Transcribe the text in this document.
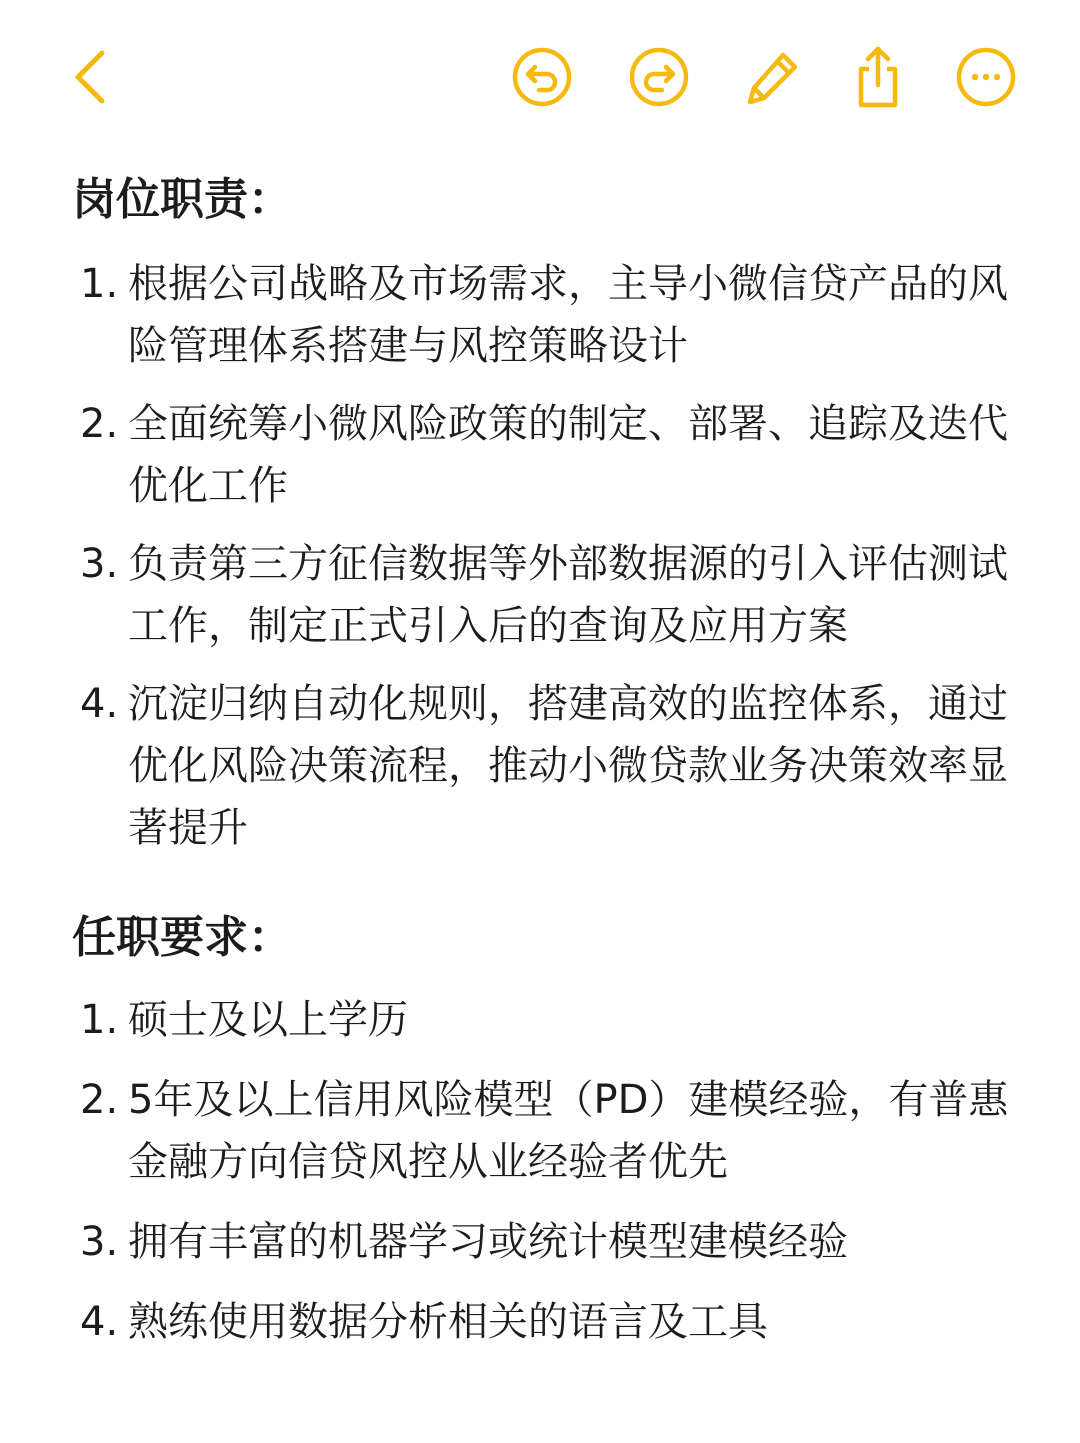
岗位职责：
1. 根据公司战略及市场需求，主导小微信贷产品的风险管理体系搭建与风控策略设计
2. 全面统筹小微风险政策的制定、部署、追踪及迭代优化工作
3. 负责第三方征信数据等外部数据源的引入评估测试工作，制定正式引入后的查询及应用方案
4. 沉淀归纳自动化规则，搭建高效的监控体系，通过优化风险决策流程，推动小微贷款业务决策效率显著提升
任职要求：
1. 硕士及以上学历
2. 5年及以上信用风险模型（PD）建模经验，有普惠金融方向信贷风控从业经验者优先
3. 拥有丰富的机器学习或统计模型建模经验
4. 熟练使用数据分析相关的语言及工具
